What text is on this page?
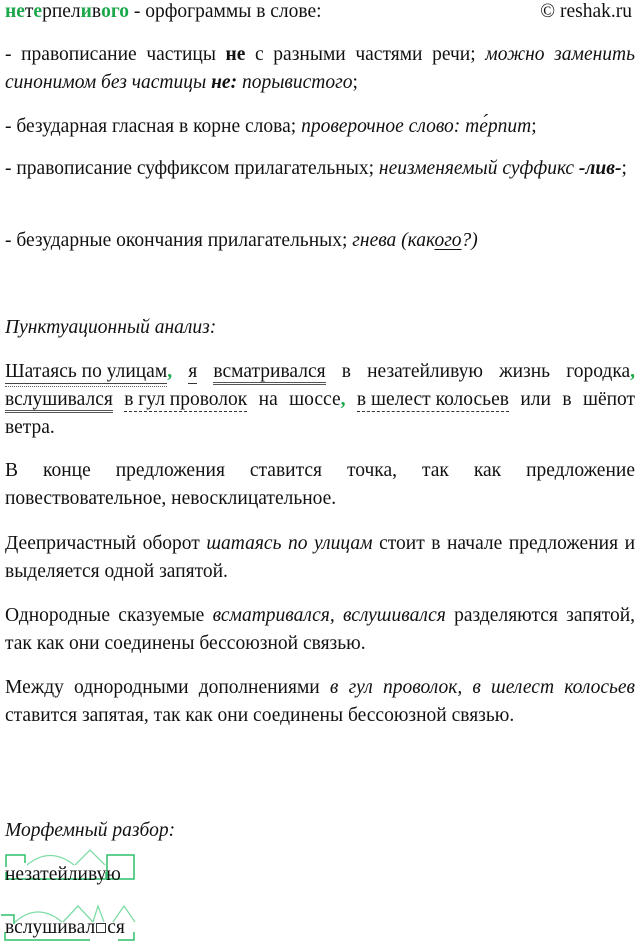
нетерпеливого - орфограммы в слове:	© reshak.ru

- правописание частицы не с разными частями речи; можно заменить синонимом без частицы не: порывистого;

- безударная гласная в корне слова; проверочное слово: те́рпит;

- правописание суффиксом прилагательных; неизменяемый суффикс -лив-;

- безударные окончания прилагательных; гнева (какого?)

Пунктуационный анализ:

Шатаясь по улицам, я всматривался в незатейливую жизнь городка, вслушивался в гул проволок на шоссе, в шелест колосьев или в шёпот ветра.

В конце предложения ставится точка, так как предложение повествовательное, невосклицательное.

Деепричастный оборот шатаясь по улицам стоит в начале предложения и выделяется одной запятой.

Однородные сказуемые всматривался, вслушивался разделяются запятой, так как они соединены бессоюзной связью.

Между однородными дополнениями в гул проволок, в шелест колосьев ставится запятая, так как они соединены бессоюзной связью.

Морфемный разбор:

незатейливую
вслушивал ся
